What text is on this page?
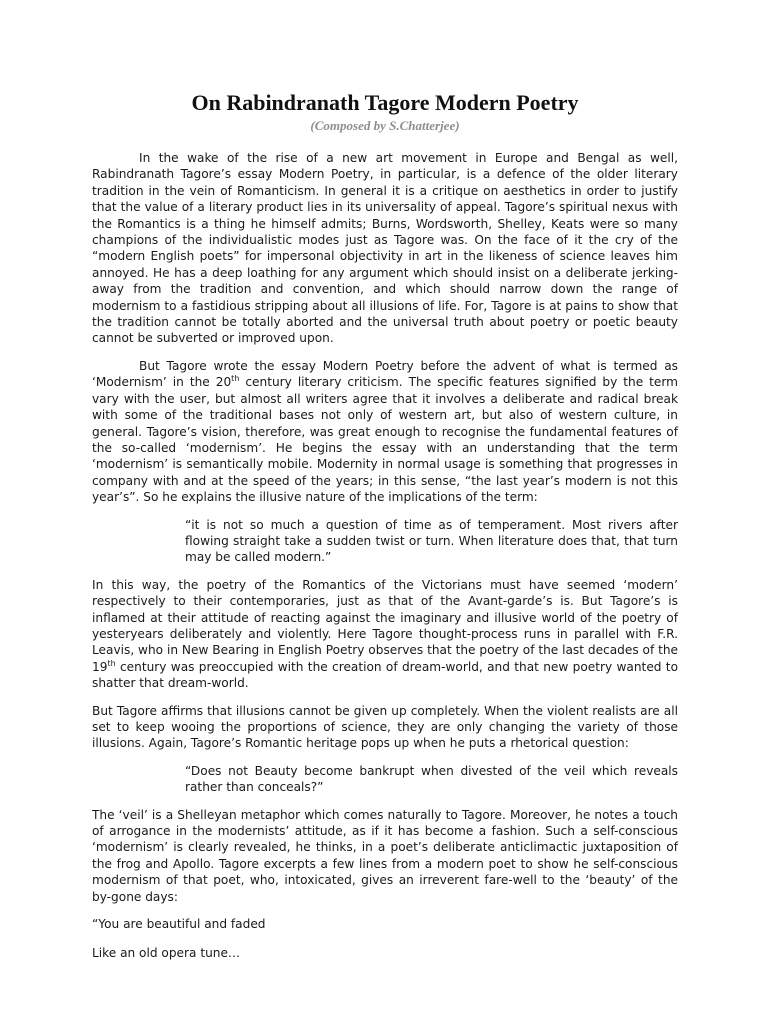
On Rabindranath Tagore Modern Poetry
(Composed by S.Chatterjee)

In the wake of the rise of a new art movement in Europe and Bengal as well, Rabindranath Tagore’s essay Modern Poetry, in particular, is a defence of the older literary tradition in the vein of Romanticism. In general it is a critique on aesthetics in order to justify that the value of a literary product lies in its universality of appeal. Tagore’s spiritual nexus with the Romantics is a thing he himself admits; Burns, Wordsworth, Shelley, Keats were so many champions of the individualistic modes just as Tagore was. On the face of it the cry of the “modern English poets” for impersonal objectivity in art in the likeness of science leaves him annoyed. He has a deep loathing for any argument which should insist on a deliberate jerking-away from the tradition and convention, and which should narrow down the range of modernism to a fastidious stripping about all illusions of life. For, Tagore is at pains to show that the tradition cannot be totally aborted and the universal truth about poetry or poetic beauty cannot be subverted or improved upon.

But Tagore wrote the essay Modern Poetry before the advent of what is termed as ‘Modernism’ in the 20th century literary criticism. The specific features signified by the term vary with the user, but almost all writers agree that it involves a deliberate and radical break with some of the traditional bases not only of western art, but also of western culture, in general. Tagore’s vision, therefore, was great enough to recognise the fundamental features of the so-called ‘modernism’. He begins the essay with an understanding that the term ‘modernism’ is semantically mobile. Modernity in normal usage is something that progresses in company with and at the speed of the years; in this sense, “the last year’s modern is not this year’s”. So he explains the illusive nature of the implications of the term:

“it is not so much a question of time as of temperament. Most rivers after flowing straight take a sudden twist or turn. When literature does that, that turn may be called modern.”

In this way, the poetry of the Romantics of the Victorians must have seemed ‘modern’ respectively to their contemporaries, just as that of the Avant-garde’s is. But Tagore’s is inflamed at their attitude of reacting against the imaginary and illusive world of the poetry of yesteryears deliberately and violently. Here Tagore thought-process runs in parallel with F.R. Leavis, who in New Bearing in English Poetry observes that the poetry of the last decades of the 19th century was preoccupied with the creation of dream-world, and that new poetry wanted to shatter that dream-world.

But Tagore affirms that illusions cannot be given up completely. When the violent realists are all set to keep wooing the proportions of science, they are only changing the variety of those illusions. Again, Tagore’s Romantic heritage pops up when he puts a rhetorical question:

“Does not Beauty become bankrupt when divested of the veil which reveals rather than conceals?”

The ‘veil’ is a Shelleyan metaphor which comes naturally to Tagore. Moreover, he notes a touch of arrogance in the modernists’ attitude, as if it has become a fashion. Such a self-conscious ‘modernism’ is clearly revealed, he thinks, in a poet’s deliberate anticlimactic juxtaposition of the frog and Apollo. Tagore excerpts a few lines from a modern poet to show he self-conscious modernism of that poet, who, intoxicated, gives an irreverent fare-well to the ‘beauty’ of the by-gone days:

“You are beautiful and faded

Like an old opera tune…
